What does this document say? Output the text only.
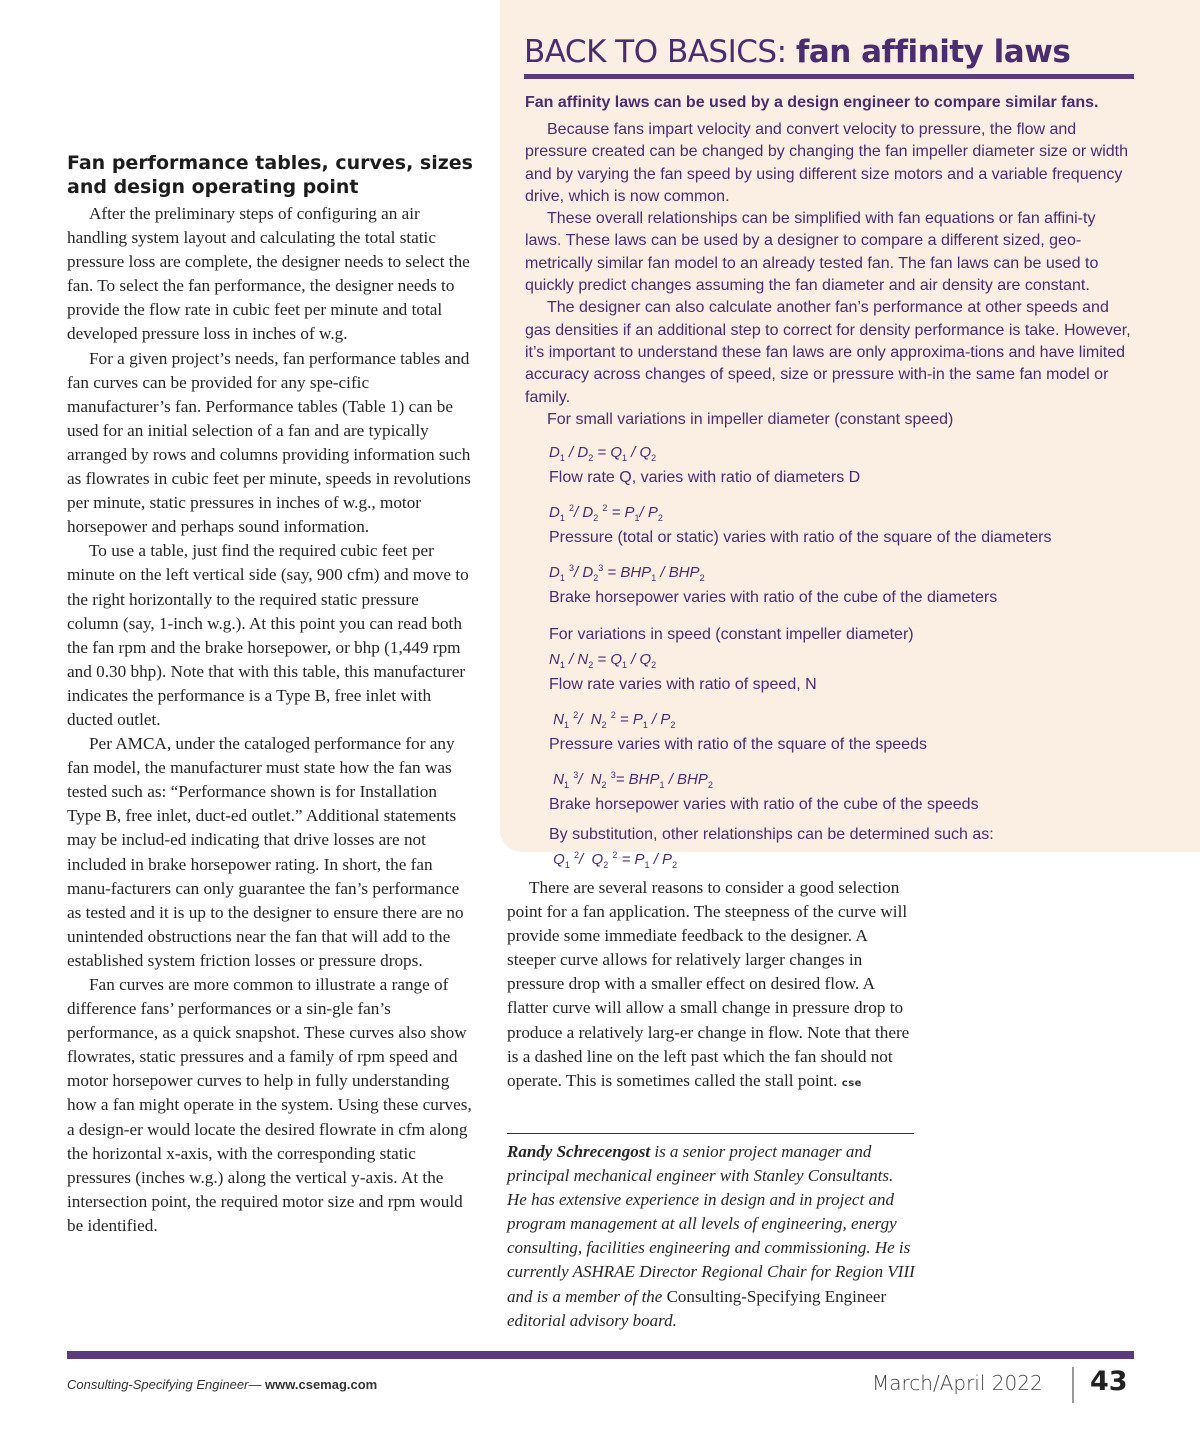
BACK TO BASICS: fan affinity laws

Fan affinity laws can be used by a design engineer to compare similar fans.

Because fans impart velocity and convert velocity to pressure, the flow and pressure created can be changed by changing the fan impeller diameter size or width and by varying the fan speed by using different size motors and a variable frequency drive, which is now common.

These overall relationships can be simplified with fan equations or fan affini-ty laws. These laws can be used by a designer to compare a different sized, geo-metrically similar fan model to an already tested fan. The fan laws can be used to quickly predict changes assuming the fan diameter and air density are constant.

The designer can also calculate another fan’s performance at other speeds and gas densities if an additional step to correct for density performance is take. However, it’s important to understand these fan laws are only approxima-tions and have limited accuracy across changes of speed, size or pressure with-in the same fan model or family.

For small variations in impeller diameter (constant speed)

$D_1 / D_2 = Q_1 / Q_2$
Flow rate Q, varies with ratio of diameters D
$D_1$ $^2$/ $D_2$ $^2 = P_1/$ $P_2$
Pressure (total or static) varies with ratio of the square of the diameters
$D_1$ $^3$/ $D_2^3 = BHP_1 / BHP_2$
Brake horsepower varies with ratio of the cube of the diameters

For variations in speed (constant impeller diameter)

$N_1 / N_2 = Q_1 / Q_2$
Flow rate varies with ratio of speed, N
$N_1$ $^2$/  $N_2$ $^2 = P_1 / P_2$
Pressure varies with ratio of the square of the speeds
$N_1$ $^3$/  $N_2$ $^3= BHP_1 / BHP_2$
Brake horsepower varies with ratio of the cube of the speeds
By substitution, other relationships can be determined such as:
$Q_1$ $^2$/  $Q_2$ $^2 = P_1 / P_2$
Fan performance tables, curves, sizes and design operating point

After the preliminary steps of configuring an air handling system layout and calculating the total static pressure loss are complete, the designer needs to select the fan. To select the fan performance, the designer needs to provide the flow rate in cubic feet per minute and total developed pressure loss in inches of w.g.

For a given project’s needs, fan performance tables and fan curves can be provided for any spe-cific manufacturer’s fan. Performance tables (Table 1) can be used for an initial selection of a fan and are typically arranged by rows and columns providing information such as flowrates in cubic feet per minute, speeds in revolutions per minute, static pressures in inches of w.g., motor horsepower and perhaps sound information.

To use a table, just find the required cubic feet per minute on the left vertical side (say, 900 cfm) and move to the right horizontally to the required static pressure column (say, 1-inch w.g.). At this point you can read both the fan rpm and the brake horsepower, or bhp (1,449 rpm and 0.30 bhp). Note that with this table, this manufacturer indicates the performance is a Type B, free inlet with ducted outlet.

Per AMCA, under the cataloged performance for any fan model, the manufacturer must state how the fan was tested such as: “Performance shown is for Installation Type B, free inlet, duct-ed outlet.” Additional statements may be includ-ed indicating that drive losses are not included in brake horsepower rating. In short, the fan manu-facturers can only guarantee the fan’s performance as tested and it is up to the designer to ensure there are no unintended obstructions near the fan that will add to the established system friction losses or pressure drops.

Fan curves are more common to illustrate a range of difference fans’ performances or a sin-gle fan’s performance, as a quick snapshot. These curves also show flowrates, static pressures and a family of rpm speed and motor horsepower curves to help in fully understanding how a fan might operate in the system. Using these curves, a design-er would locate the desired flowrate in cfm along the horizontal x-axis, with the corresponding static pressures (inches w.g.) along the vertical y-axis. At the intersection point, the required motor size and rpm would be identified.

There are several reasons to consider a good selection point for a fan application. The steepness of the curve will provide some immediate feedback to the designer. A steeper curve allows for relatively larger changes in pressure drop with a smaller effect on desired flow. A flatter curve will allow a small change in pressure drop to produce a relatively larg-er change in flow. Note that there is a dashed line on the left past which the fan should not operate. This is sometimes called the stall point. cse

Randy Schrecengost is a senior project manager and principal mechanical engineer with Stanley Consultants. He has extensive experience in design and in project and program management at all levels of engineering, energy consulting, facilities engineering and commissioning. He is currently ASHRAE Director Regional Chair for Region VIII and is a member of the Consulting-Specifying Engineer editorial advisory board.

Consulting-Specifying Engineer— www.csemag.com	March/April 2022 43
